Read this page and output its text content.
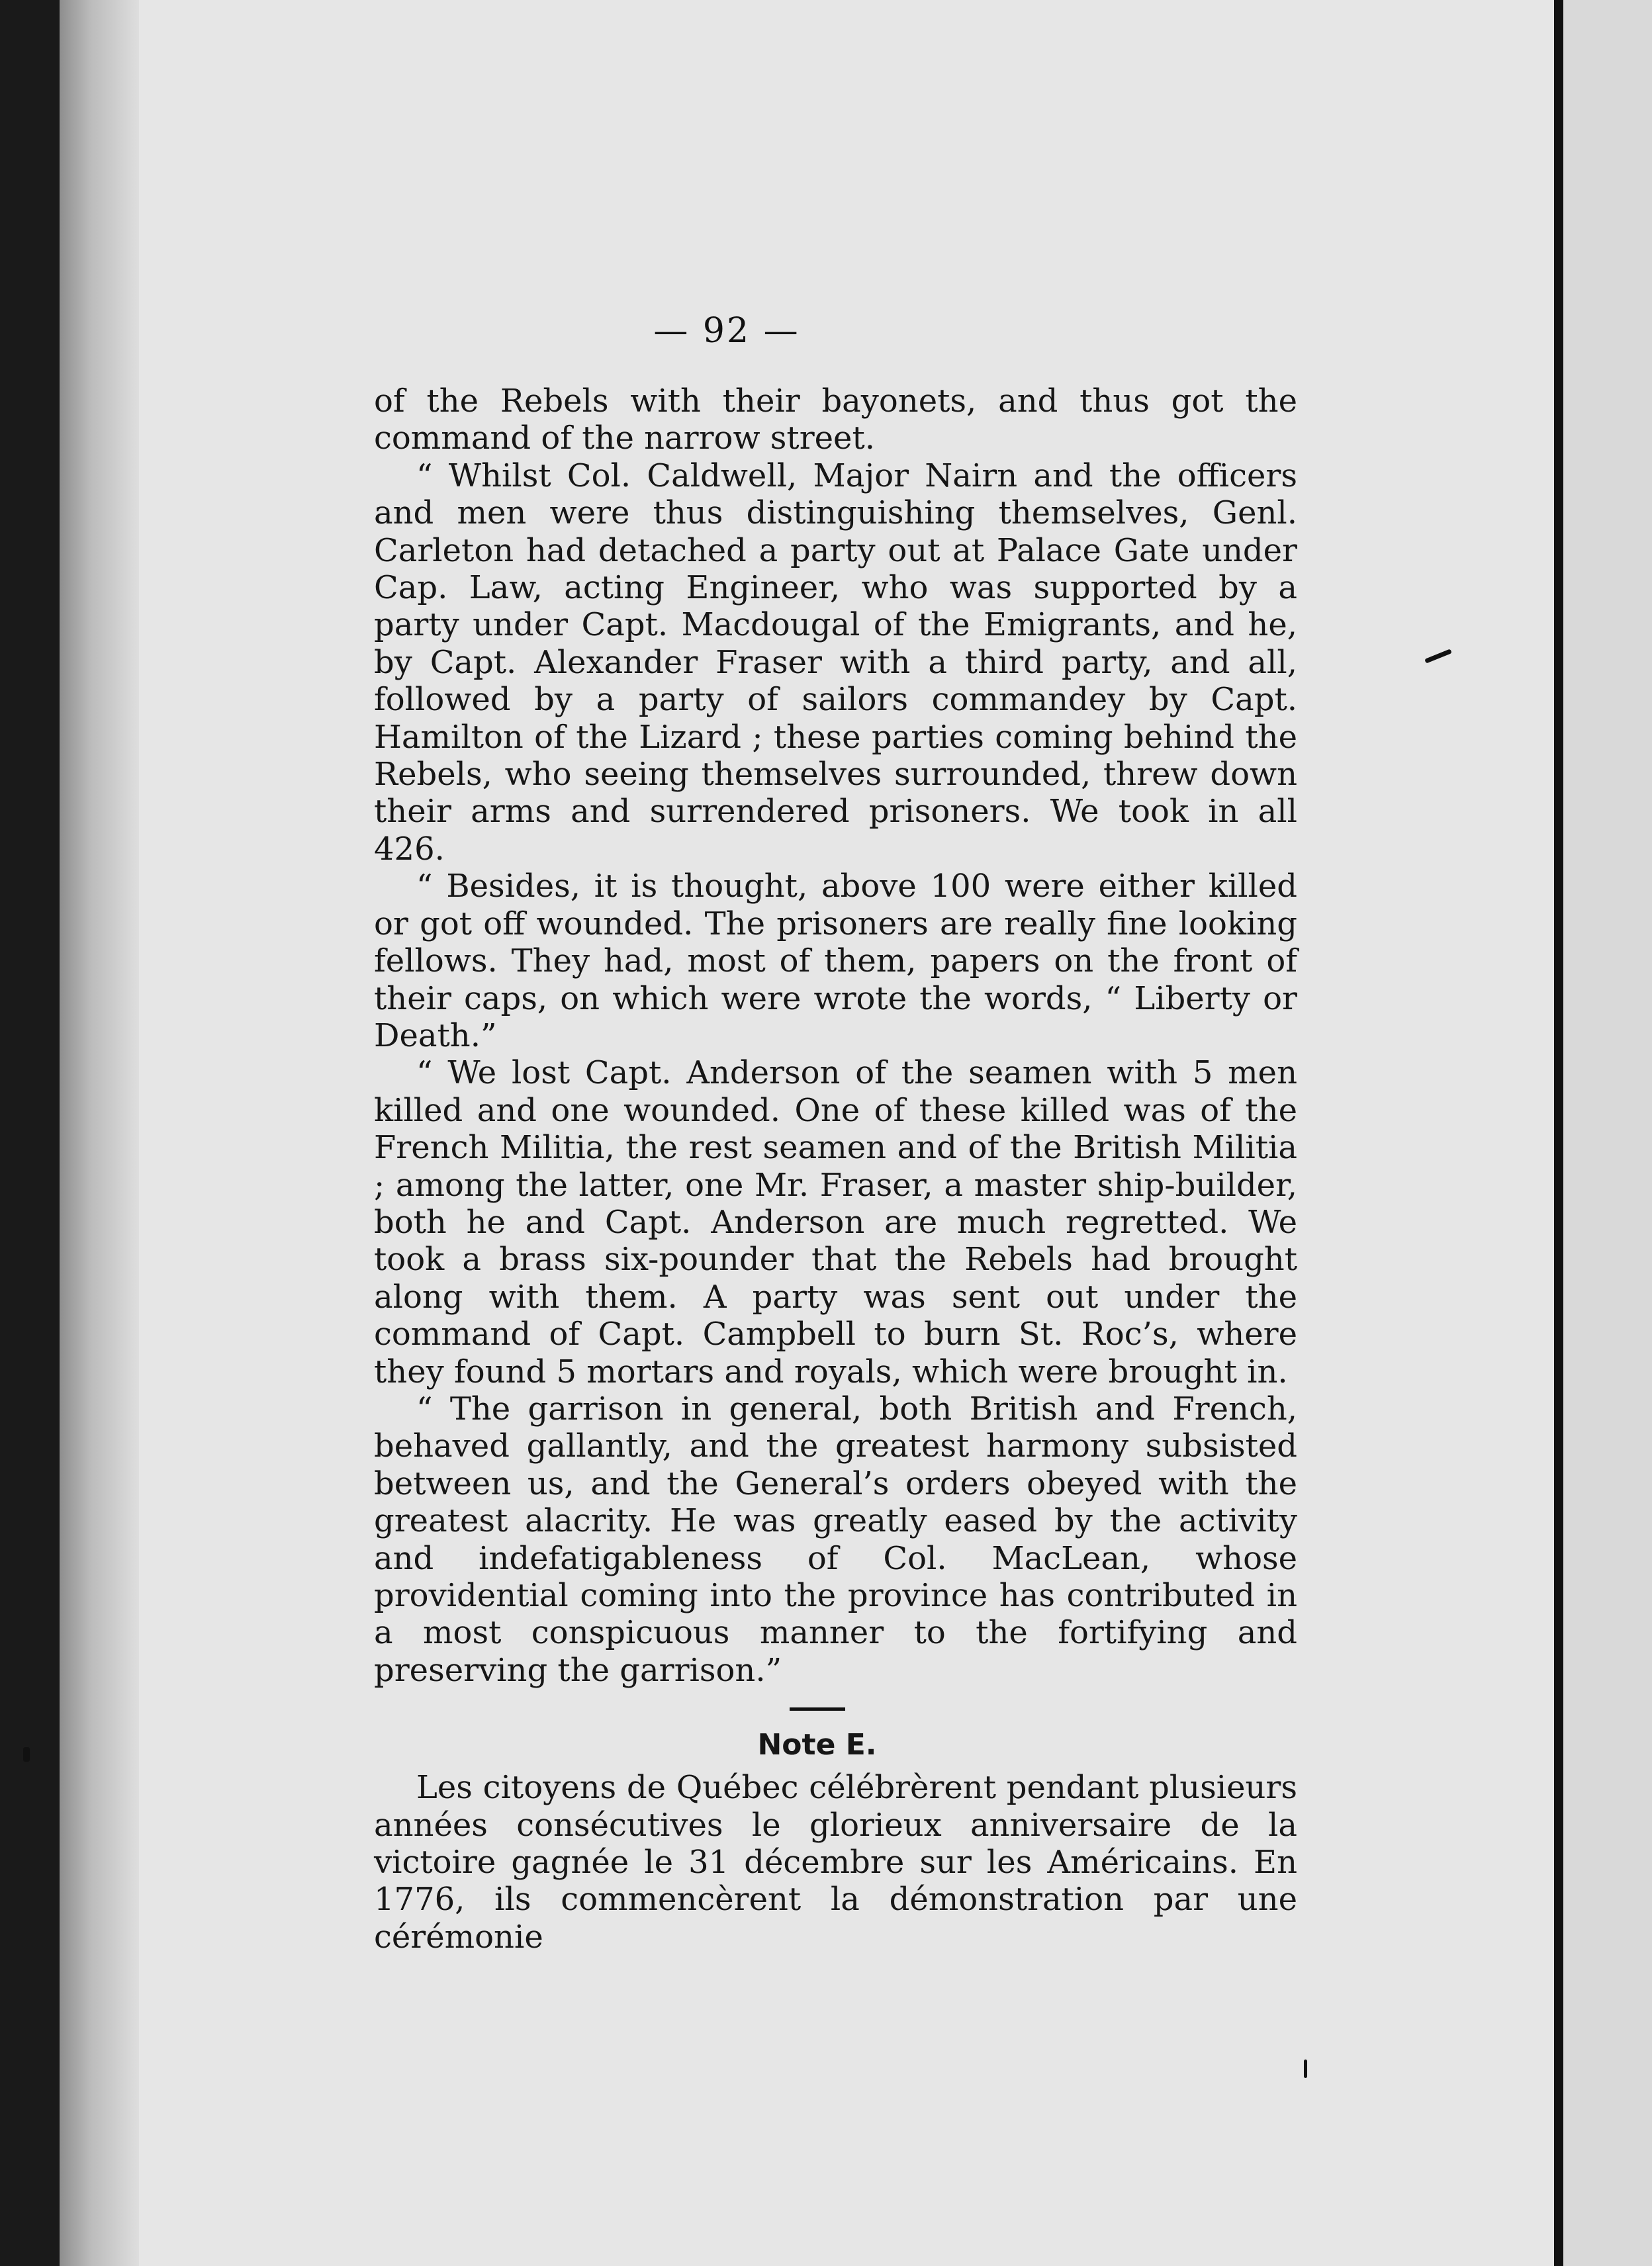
— 92 —

of the Rebels with their bayonets, and thus got the command of the narrow street.

“ Whilst Col. Caldwell, Major Nairn and the officers and men were thus distinguishing themselves, Genl. Carleton had detached a party out at Palace Gate under Cap. Law, acting Engineer, who was supported by a party under Capt. Macdougal of the Emigrants, and he, by Capt. Alexander Fraser with a third party, and all, followed by a party of sailors commandey by Capt. Hamilton of the Lizard ; these parties coming behind the Rebels, who seeing themselves surrounded, threw down their arms and surrendered prisoners. We took in all 426.

“ Besides, it is thought, above 100 were either killed or got off wounded. The prisoners are really fine looking fellows. They had, most of them, papers on the front of their caps, on which were wrote the words, “ Liberty or Death.”

“ We lost Capt. Anderson of the seamen with 5 men killed and one wounded. One of these killed was of the French Militia, the rest seamen and of the British Militia ; among the latter, one Mr. Fraser, a master ship-builder, both he and Capt. Anderson are much regretted. We took a brass six-pounder that the Rebels had brought along with them. A party was sent out under the command of Capt. Campbell to burn St. Roc’s, where they found 5 mortars and royals, which were brought in.

“ The garrison in general, both British and French, behaved gallantly, and the greatest harmony subsisted between us, and the General’s orders obeyed with the greatest alacrity. He was greatly eased by the activity and indefatigableness of Col. MacLean, whose providential coming into the province has contributed in a most conspicuous manner to the fortifying and preserving the garrison.”

Note E.

Les citoyens de Québec célébrèrent pendant plusieurs années consécutives le glorieux anniversaire de la victoire gagnée le 31 décembre sur les Américains. En 1776, ils commencèrent la démonstration par une cérémonie
